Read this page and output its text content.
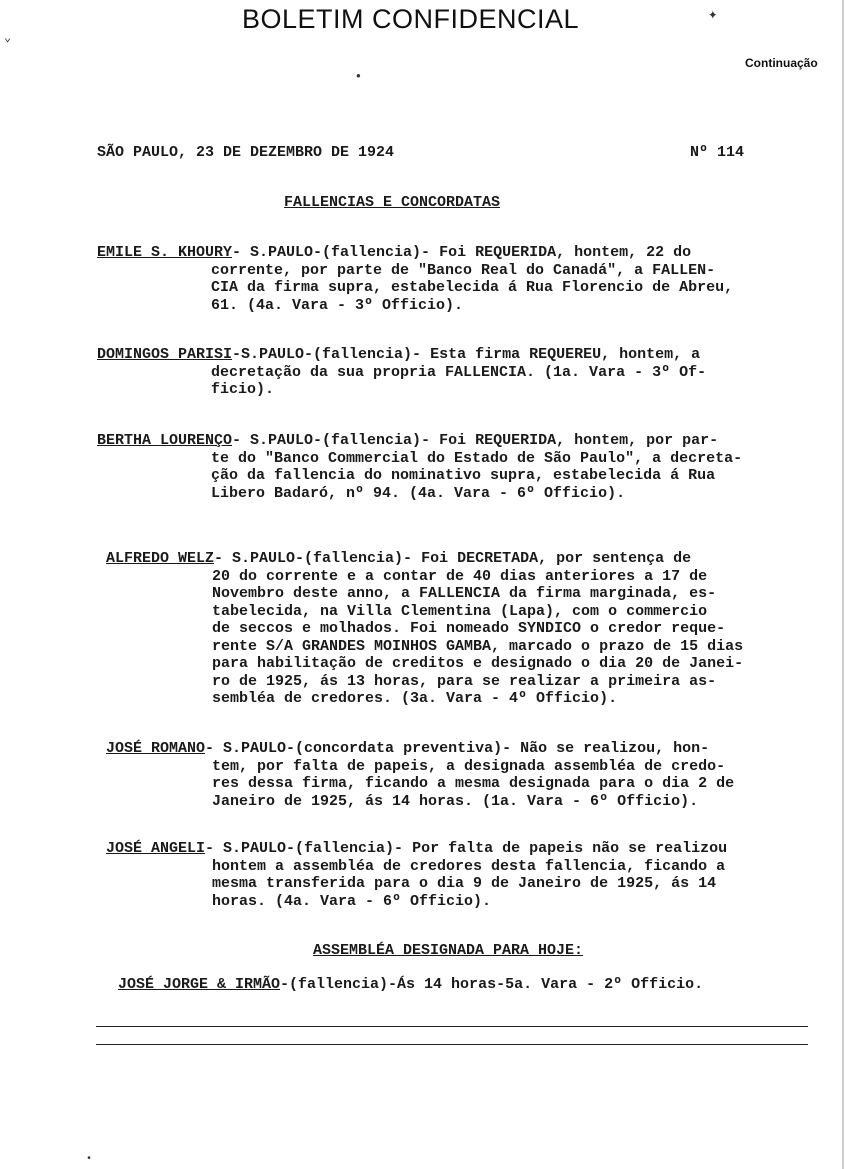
BOLETIM CONFIDENCIAL
Continuação
SÃO PAULO, 23 DE DEZEMBRO DE 1924	Nº 114
FALLENCIAS E CONCORDATAS
EMILE S. KHOURY- S.PAULO-(fallencia)- Foi REQUERIDA, hontem, 22 do
corrente, por parte de "Banco Real do Canadá", a FALLEN-
CIA da firma supra, estabelecida á Rua Florencio de Abreu,
61. (4a. Vara - 3º Officio).
DOMINGOS PARISI-S.PAULO-(fallencia)- Esta firma REQUEREU, hontem, a
decretação da sua propria FALLENCIA. (1a. Vara - 3º Of-
ficio).
BERTHA LOURENÇO- S.PAULO-(fallencia)- Foi REQUERIDA, hontem, por par-
te do "Banco Commercial do Estado de São Paulo", a decreta-
ção da fallencia do nominativo supra, estabelecida á Rua
Libero Badaró, nº 94. (4a. Vara - 6º Officio).
ALFREDO WELZ- S.PAULO-(fallencia)- Foi DECRETADA, por sentença de
20 do corrente e a contar de 40 dias anteriores a 17 de
Novembro deste anno, a FALLENCIA da firma marginada, es-
tabelecida, na Villa Clementina (Lapa), com o commercio
de seccos e molhados. Foi nomeado SYNDICO o credor reque-
rente S/A GRANDES MOINHOS GAMBA, marcado o prazo de 15 dias
para habilitação de creditos e designado o dia 20 de Janei-
ro de 1925, ás 13 horas, para se realizar a primeira as-
sembléa de credores. (3a. Vara - 4º Officio).
JOSÉ ROMANO- S.PAULO-(concordata preventiva)- Não se realizou, hon-
tem, por falta de papeis, a designada assembléa de credo-
res dessa firma, ficando a mesma designada para o dia 2 de
Janeiro de 1925, ás 14 horas. (1a. Vara - 6º Officio).
JOSÉ ANGELI- S.PAULO-(fallencia)- Por falta de papeis não se realizou
hontem a assembléa de credores desta fallencia, ficando a
mesma transferida para o dia 9 de Janeiro de 1925, ás 14
horas. (4a. Vara - 6º Officio).
ASSEMBLÉA DESIGNADA PARA HOJE:
JOSÉ JORGE & IRMÃO-(fallencia)-Ás 14 horas-5a. Vara - 2º Officio.
✦
⌄
●
•
